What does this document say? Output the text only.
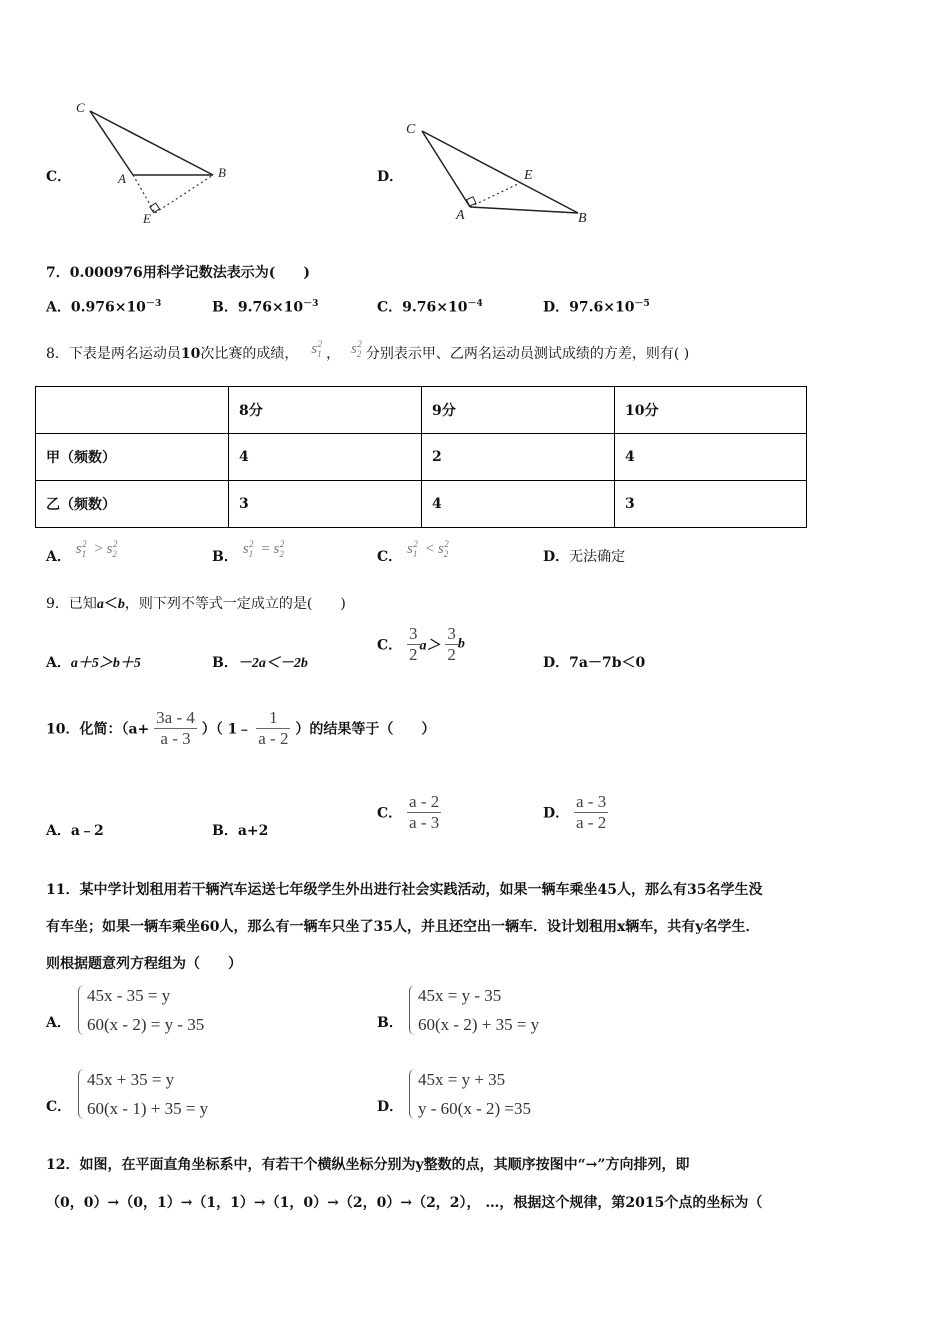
C．
C
A	B
E
D．
C
A	B
E
7．0.000976用科学记数法表示为(　　)
A．$0.976\times 10^{-3}$	B．$9.76\times 10^{-3}$	C．$9.76\times 10^{-4}$	D．$97.6\times 10^{-5}$
8．下表是两名运动员10次比赛的成绩， $s_1^2$， $s_2^2$分别表示甲、乙两名运动员测试成绩的方差，则有( )
	8分	9分	10分
甲（频数）	4	2	4
乙（频数）	3	4	3
A． $s_1^2 > s_2^2$
B． $s_1^2 = s_2^2$
C． $s_1^2 < s_2^2$
D．无法确定
9．已知a＜b，则下列不等式一定成立的是(　　)
A．a＋5＞b＋5	B．－2a＜－2b
C． $\frac{3}{2} a> \frac{3}{2}$ b
D．7a－7b＜0
10．化简：（$a+ \frac{3a - 4}{a - 3}$ ）（ 1﹣ $\frac{1}{a - 2}$ ）的结果等于（　　）
A．a﹣2	B．a+2
C． $\frac{a - 2}{a - 3}$	D． $\frac{a - 3}{a - 2}$
11．某中学计划租用若干辆汽车运送七年级学生外出进行社会实践活动，如果一辆车乘坐45人，那么有35名学生没
有车坐；如果一辆车乘坐60人，那么有一辆车只坐了35人，并且还空出一辆车．设计划租用x辆车，共有y名学生．
则根据题意列方程组为（　　）
A．
45x - 35 = y
60(x - 2) = y - 35	B．
45x = y - 35
60(x - 2) + 35 = y
C．
45x + 35 = y
60(x - 1) + 35 = y	D．
45x = y + 35
y - 60(x - 2) =35
12．如图，在平面直角坐标系中，有若干个横纵坐标分别为y整数的点，其顺序按图中“→”方向排列，即
（0，0）→（0，1）→（1，1）→（1，0）→（2，0）→（2，2）， …，根据这个规律，第2015个点的坐标为（
